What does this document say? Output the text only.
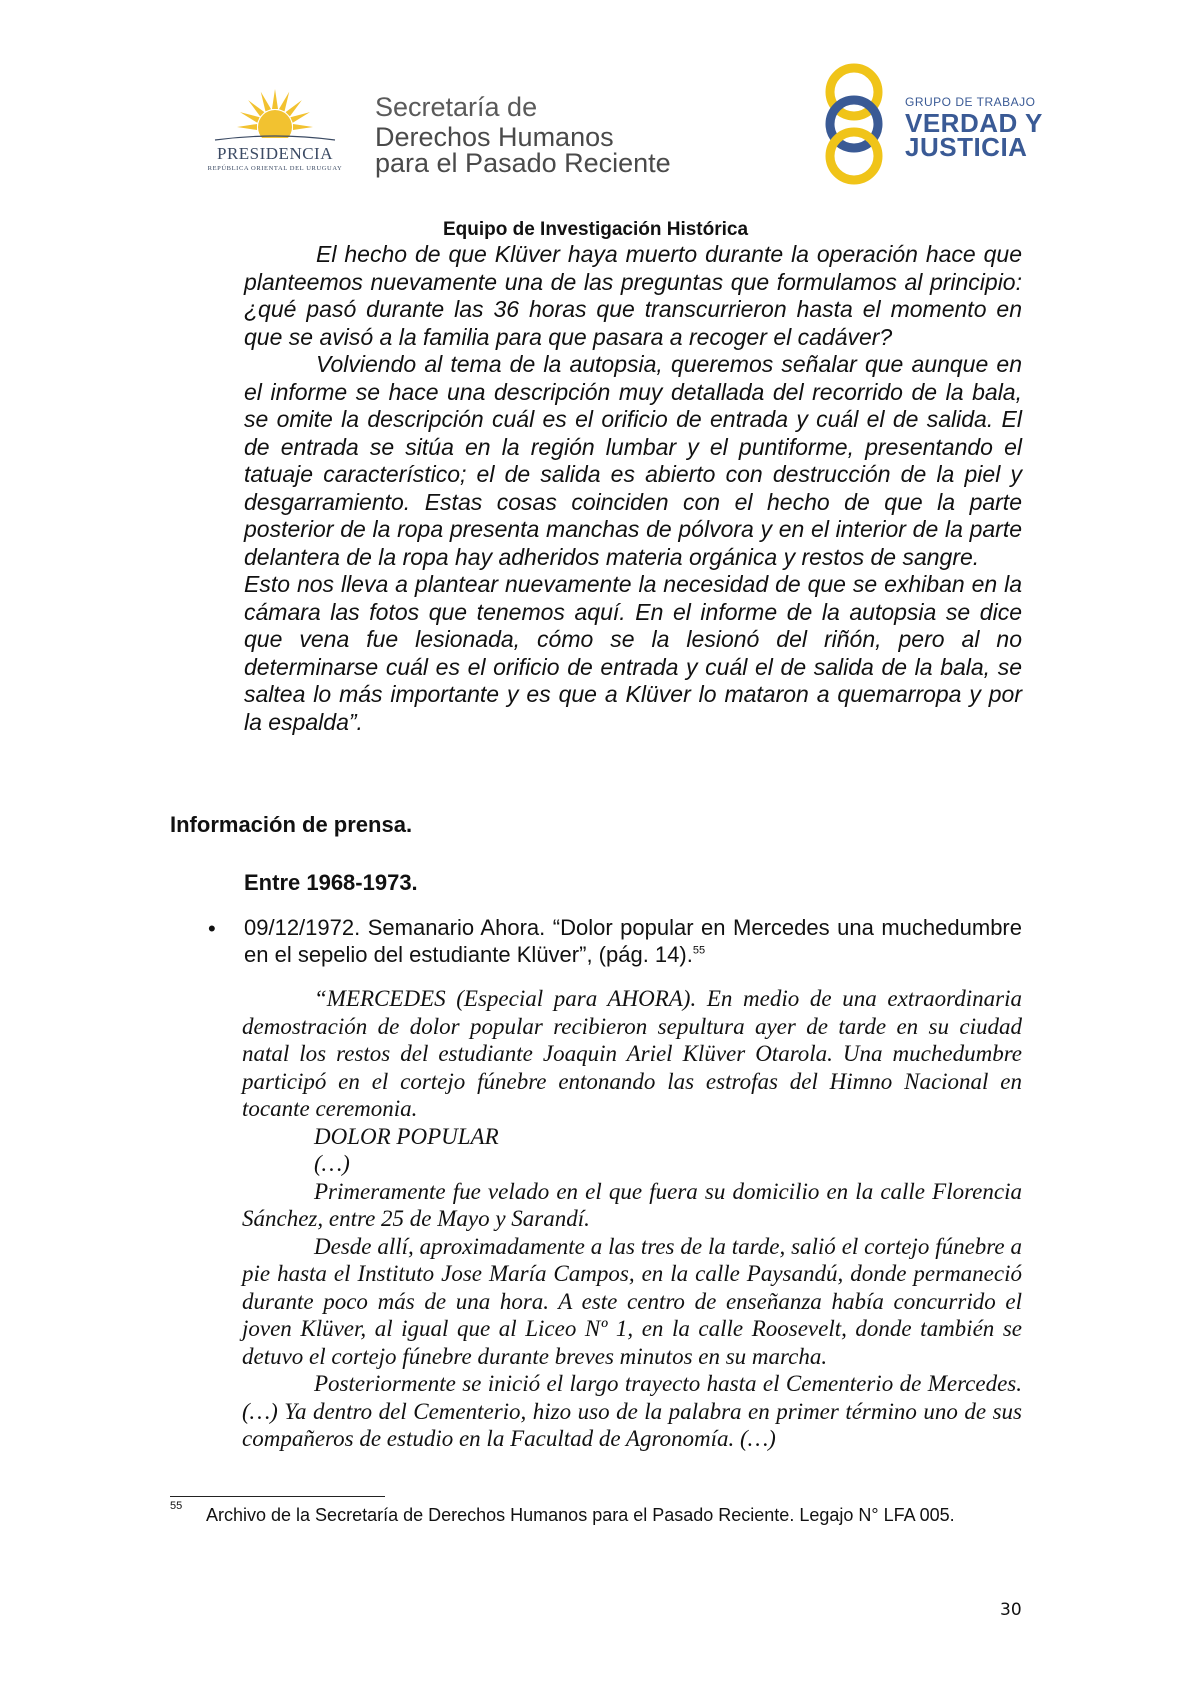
PRESIDENCIA
REPÚBLICA ORIENTAL DEL URUGUAY
Secretaría de
Derechos Humanos
para el Pasado Reciente
GRUPO DE TRABAJO
VERDAD Y
JUSTICIA
Equipo de Investigación Histórica

El hecho de que Klüver haya muerto durante la operación hace que planteemos nuevamente una de las preguntas que formulamos al principio: ¿qué pasó durante las 36 horas que transcurrieron hasta el momento en que se avisó a la familia para que pasara a recoger el cadáver?

Volviendo al tema de la autopsia, queremos señalar que aunque en el informe se hace una descripción muy detallada del recorrido de la bala, se omite la descripción cuál es el orificio de entrada y cuál el de salida. El de entrada se sitúa en la región lumbar y el puntiforme, presentando el tatuaje característico; el de salida es abierto con destrucción de la piel y desgarramiento. Estas cosas coinciden con el hecho de que la parte posterior de la ropa presenta manchas de pólvora y en el interior de la parte delantera de la ropa hay adheridos materia orgánica y restos de sangre.

Esto nos lleva a plantear nuevamente la necesidad de que se exhiban en la cámara las fotos que tenemos aquí. En el informe de la autopsia se dice que vena fue lesionada, cómo se la lesionó del riñón, pero al no determinarse cuál es el orificio de entrada y cuál el de salida de la bala, se saltea lo más importante y es que a Klüver lo mataron a quemarropa y por la espalda”.

Información de prensa.
Entre 1968-1973.
• 09/12/1972. Semanario Ahora. “Dolor popular en Mercedes una muchedumbre en el sepelio del estudiante Klüver”, (pág. 14).$^{55}$

“MERCEDES (Especial para AHORA). En medio de una extraordinaria demostración de dolor popular recibieron sepultura ayer de tarde en su ciudad natal los restos del estudiante Joaquin Ariel Klüver Otarola. Una muchedumbre participó en el cortejo fúnebre entonando las estrofas del Himno Nacional en tocante ceremonia.

DOLOR POPULAR

(…)

Primeramente fue velado en el que fuera su domicilio en la calle Florencia Sánchez, entre 25 de Mayo y Sarandí.

Desde allí, aproximadamente a las tres de la tarde, salió el cortejo fúnebre a pie hasta el Instituto Jose María Campos, en la calle Paysandú, donde permaneció durante poco más de una hora. A este centro de enseñanza había concurrido el joven Klüver, al igual que al Liceo Nº 1, en la calle Roosevelt, donde también se detuvo el cortejo fúnebre durante breves minutos en su marcha.

Posteriormente se inició el largo trayecto hasta el Cementerio de Mercedes. (…) Ya dentro del Cementerio, hizo uso de la palabra en primer término uno de sus compañeros de estudio en la Facultad de Agronomía. (…)

55 Archivo de la Secretaría de Derechos Humanos para el Pasado Reciente. Legajo N° LFA 005.
30
